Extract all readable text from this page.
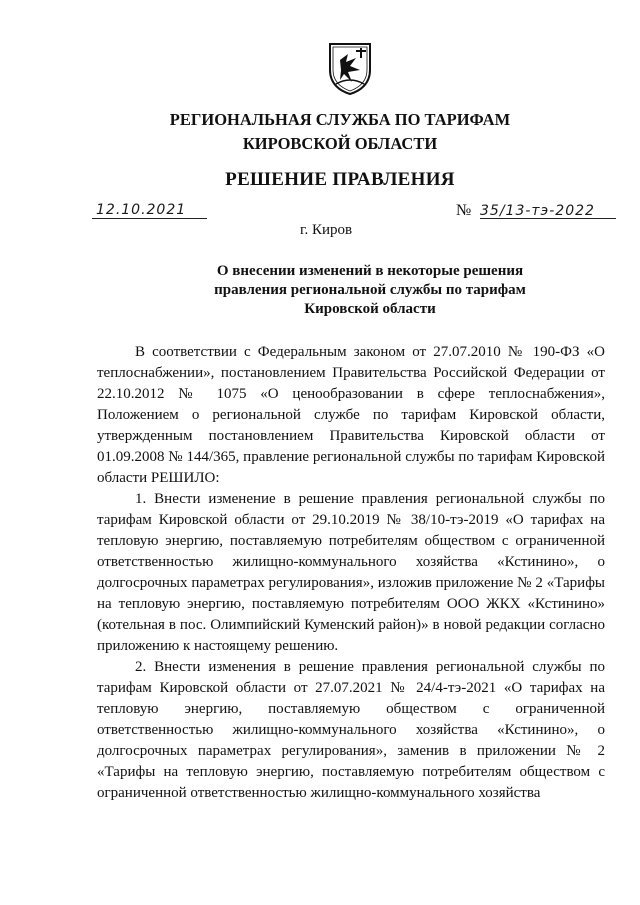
РЕГИОНАЛЬНАЯ СЛУЖБА ПО ТАРИФАМ
КИРОВСКОЙ ОБЛАСТИ
РЕШЕНИЕ ПРАВЛЕНИЯ
12.10.2021	№ 35/13-тэ-2022
г. Киров
О внесении изменений в некоторые решения
правления региональной службы по тарифам
Кировской области

В соответствии с Федеральным законом от 27.07.2010 № 190-ФЗ «О теплоснабжении», постановлением Правительства Российской Федерации от 22.10.2012 № 1075 «О ценообразовании в сфере теплоснабжения», Положением о региональной службе по тарифам Кировской области, утвержденным постановлением Правительства Кировской области от 01.09.2008 № 144/365, правление региональной службы по тарифам Кировской области РЕШИЛО:

1. Внести изменение в решение правления региональной службы по тарифам Кировской области от 29.10.2019 № 38/10-тэ-2019 «О тарифах на тепловую энергию, поставляемую потребителям обществом с ограниченной ответственностью жилищно-коммунального хозяйства «Кстинино», о долгосрочных параметрах регулирования», изложив приложение № 2 «Тарифы на тепловую энергию, поставляемую потребителям ООО ЖКХ «Кстинино» (котельная в пос. Олимпийский Куменский район)» в новой редакции согласно приложению к настоящему решению.

2. Внести изменения в решение правления региональной службы по тарифам Кировской области от 27.07.2021 № 24/4-тэ-2021 «О тарифах на тепловую энергию, поставляемую обществом с ограниченной ответственностью жилищно-коммунального хозяйства «Кстинино», о долгосрочных параметрах регулирования», заменив в приложении № 2 «Тарифы на тепловую энергию, поставляемую потребителям обществом с ограниченной ответственностью жилищно-коммунального хозяйства
